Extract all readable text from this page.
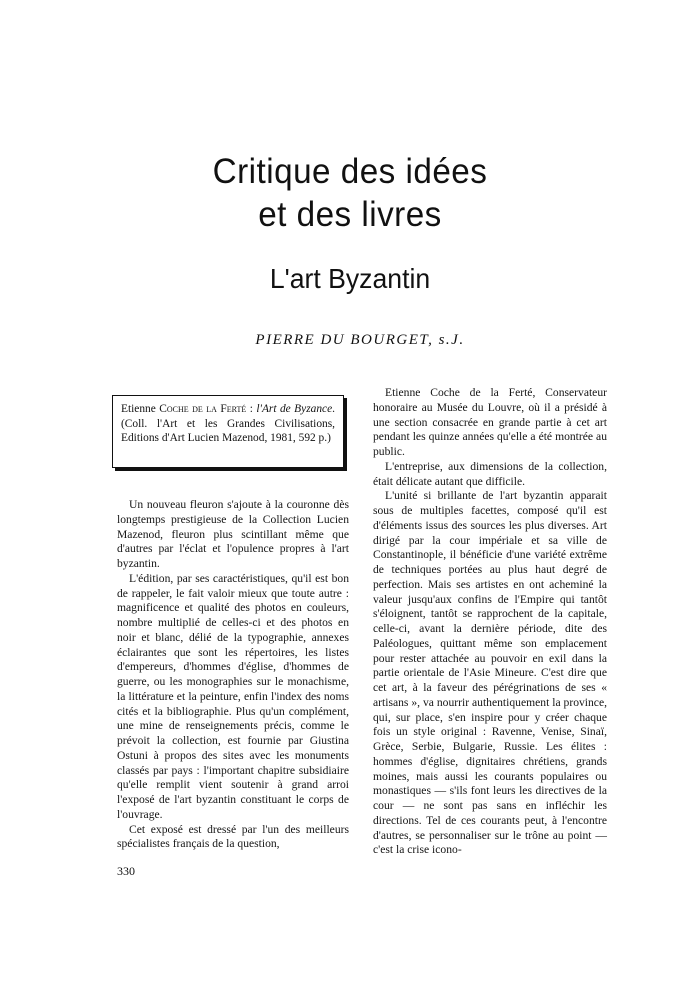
Critique des idées
et des livres
L'art Byzantin
PIERRE DU BOURGET, s.J.
Etienne Coche de la Ferté : l'Art de Byzance. (Coll. l'Art et les Grandes Civilisations, Editions d'Art Lucien Mazenod, 1981, 592 p.)

Un nouveau fleuron s'ajoute à la couronne dès longtemps prestigieuse de la Collection Lucien Mazenod, fleuron plus scintillant même que d'autres par l'éclat et l'opulence propres à l'art byzantin.

L'édition, par ses caractéristiques, qu'il est bon de rappeler, le fait valoir mieux que toute autre : magnificence et qualité des photos en couleurs, nombre multiplié de celles-ci et des photos en noir et blanc, délié de la typographie, annexes éclairantes que sont les répertoires, les listes d'empereurs, d'hommes d'église, d'hommes de guerre, ou les monographies sur le monachisme, la littérature et la peinture, enfin l'index des noms cités et la bibliographie. Plus qu'un complément, une mine de renseignements précis, comme le prévoit la collection, est fournie par Giustina Ostuni à propos des sites avec les monuments classés par pays : l'important chapitre subsidiaire qu'elle remplit vient soutenir à grand arroi l'exposé de l'art byzantin constituant le corps de l'ouvrage.

Cet exposé est dressé par l'un des meilleurs spécialistes français de la question,

Etienne Coche de la Ferté, Conservateur honoraire au Musée du Louvre, où il a présidé à une section consacrée en grande partie à cet art pendant les quinze années qu'elle a été montrée au public.

L'entreprise, aux dimensions de la collection, était délicate autant que difficile.

L'unité si brillante de l'art byzantin apparait sous de multiples facettes, composé qu'il est d'éléments issus des sources les plus diverses. Art dirigé par la cour impériale et sa ville de Constantinople, il bénéficie d'une variété extrême de techniques portées au plus haut degré de perfection. Mais ses artistes en ont acheminé la valeur jusqu'aux confins de l'Empire qui tantôt s'éloignent, tantôt se rapprochent de la capitale, celle-ci, avant la dernière période, dite des Paléologues, quittant même son emplacement pour rester attachée au pouvoir en exil dans la partie orientale de l'Asie Mineure. C'est dire que cet art, à la faveur des pérégrinations de ses « artisans », va nourrir authentiquement la province, qui, sur place, s'en inspire pour y créer chaque fois un style original : Ravenne, Venise, Sinaï, Grèce, Serbie, Bulgarie, Russie. Les élites : hommes d'église, dignitaires chrétiens, grands moines, mais aussi les courants populaires ou monastiques — s'ils font leurs les directives de la cour — ne sont pas sans en infléchir les directions. Tel de ces courants peut, à l'encontre d'autres, se personnaliser sur le trône au point — c'est la crise icono-

330
